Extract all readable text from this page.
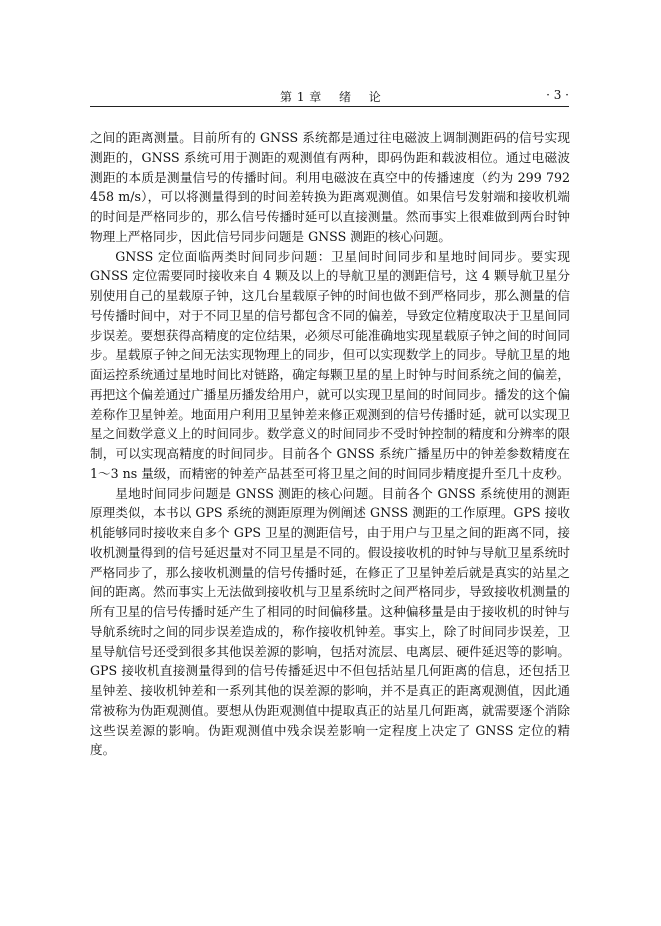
第 1 章    绪    论	· 3 ·

之间的距离测量。目前所有的 GNSS 系统都是通过往电磁波上调制测距码的信号实现测距的，GNSS 系统可用于测距的观测值有两种，即码伪距和载波相位。通过电磁波测距的本质是测量信号的传播时间。利用电磁波在真空中的传播速度（约为 299 792 458 m/s），可以将测量得到的时间差转换为距离观测值。如果信号发射端和接收机端的时间是严格同步的，那么信号传播时延可以直接测量。然而事实上很难做到两台时钟物理上严格同步，因此信号同步问题是 GNSS 测距的核心问题。

GNSS 定位面临两类时间同步问题：卫星间时间同步和星地时间同步。要实现 GNSS 定位需要同时接收来自 4 颗及以上的导航卫星的测距信号，这 4 颗导航卫星分别使用自己的星载原子钟，这几台星载原子钟的时间也做不到严格同步，那么测量的信号传播时间中，对于不同卫星的信号都包含不同的偏差，导致定位精度取决于卫星间同步误差。要想获得高精度的定位结果，必须尽可能准确地实现星载原子钟之间的时间同步。星载原子钟之间无法实现物理上的同步，但可以实现数学上的同步。导航卫星的地面运控系统通过星地时间比对链路，确定每颗卫星的星上时钟与时间系统之间的偏差，再把这个偏差通过广播星历播发给用户，就可以实现卫星间的时间同步。播发的这个偏差称作卫星钟差。地面用户利用卫星钟差来修正观测到的信号传播时延，就可以实现卫星之间数学意义上的时间同步。数学意义的时间同步不受时钟控制的精度和分辨率的限制，可以实现高精度的时间同步。目前各个 GNSS 系统广播星历中的钟差参数精度在 1～3 ns 量级，而精密的钟差产品甚至可将卫星之间的时间同步精度提升至几十皮秒。

星地时间同步问题是 GNSS 测距的核心问题。目前各个 GNSS 系统使用的测距原理类似，本书以 GPS 系统的测距原理为例阐述 GNSS 测距的工作原理。GPS 接收机能够同时接收来自多个 GPS 卫星的测距信号，由于用户与卫星之间的距离不同，接收机测量得到的信号延迟量对不同卫星是不同的。假设接收机的时钟与导航卫星系统时严格同步了，那么接收机测量的信号传播时延，在修正了卫星钟差后就是真实的站星之间的距离。然而事实上无法做到接收机与卫星系统时之间严格同步，导致接收机测量的所有卫星的信号传播时延产生了相同的时间偏移量。这种偏移量是由于接收机的时钟与导航系统时之间的同步误差造成的，称作接收机钟差。事实上，除了时间同步误差，卫星导航信号还受到很多其他误差源的影响，包括对流层、电离层、硬件延迟等的影响。GPS 接收机直接测量得到的信号传播延迟中不但包括站星几何距离的信息，还包括卫星钟差、接收机钟差和一系列其他的误差源的影响，并不是真正的距离观测值，因此通常被称为伪距观测值。要想从伪距观测值中提取真正的站星几何距离，就需要逐个消除这些误差源的影响。伪距观测值中残余误差影响一定程度上决定了 GNSS 定位的精度。
